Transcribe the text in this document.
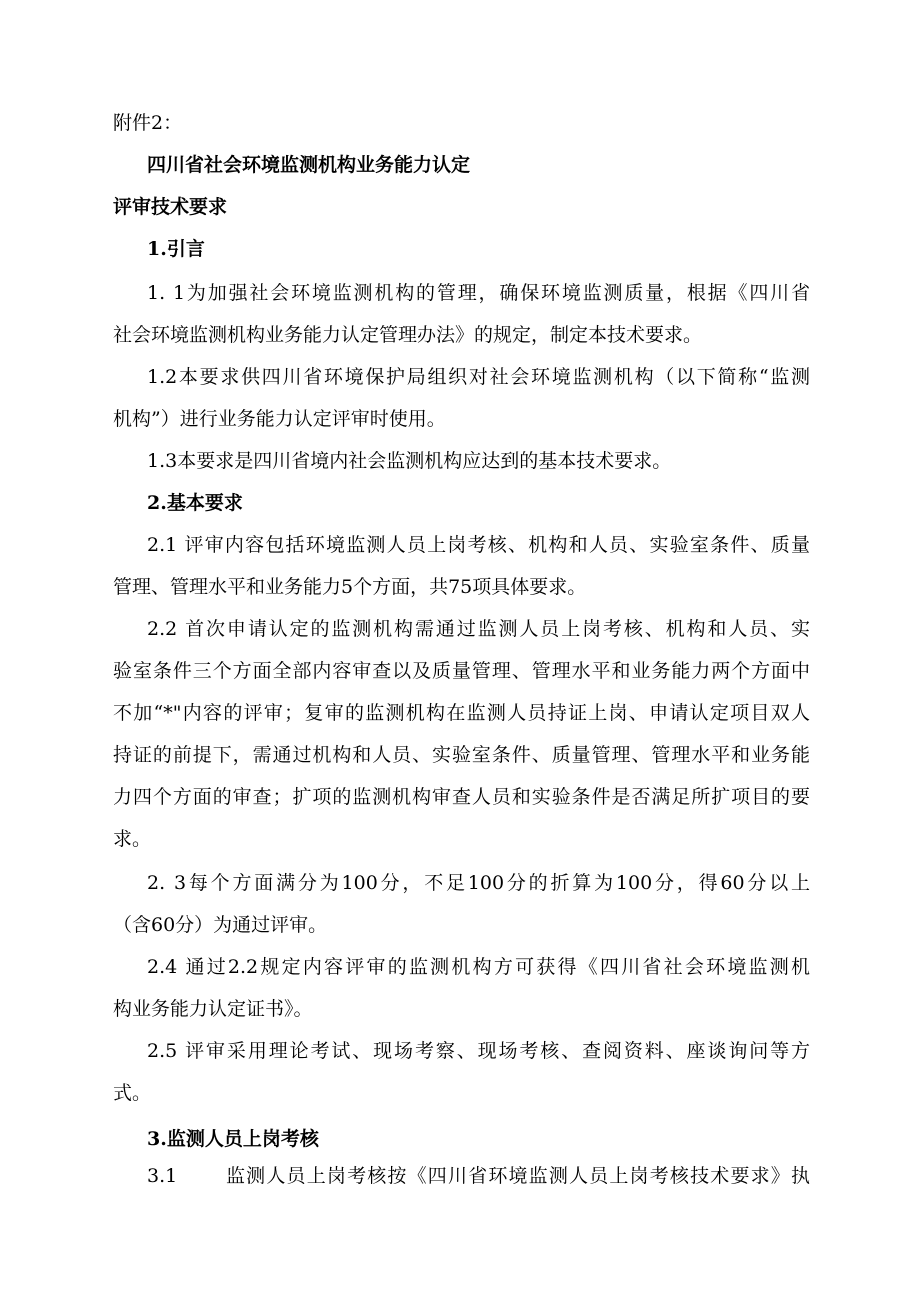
附件2：
四川省社会环境监测机构业务能力认定
评审技术要求
1.引言
1. 1为加强社会环境监测机构的管理，确保环境监测质量，根据《四川省
社会环境监测机构业务能力认定管理办法》的规定，制定本技术要求。
1.2本要求供四川省环境保护局组织对社会环境监测机构（以下简称“监测
机构”）进行业务能力认定评审时使用。
1.3本要求是四川省境内社会监测机构应达到的基本技术要求。
2.基本要求
2.1 评审内容包括环境监测人员上岗考核、机构和人员、实验室条件、质量
管理、管理水平和业务能力5个方面，共75项具体要求。
2.2 首次申请认定的监测机构需通过监测人员上岗考核、机构和人员、实
验室条件三个方面全部内容审查以及质量管理、管理水平和业务能力两个方面中
不加“*"内容的评审；复审的监测机构在监测人员持证上岗、申请认定项目双人
持证的前提下，需通过机构和人员、实验室条件、质量管理、管理水平和业务能
力四个方面的审查；扩项的监测机构审查人员和实验条件是否满足所扩项目的要
求。
2. 3每个方面满分为100分，不足100分的折算为100分，得60分以上
（含60分）为通过评审。
2.4 通过2.2规定内容评审的监测机构方可获得《四川省社会环境监测机
构业务能力认定证书》。
2.5 评审采用理论考试、现场考察、现场考核、查阅资料、座谈询问等方
式。
3.监测人员上岗考核
3.1	监测人员上岗考核按《四川省环境监测人员上岗考核技术要求》执
